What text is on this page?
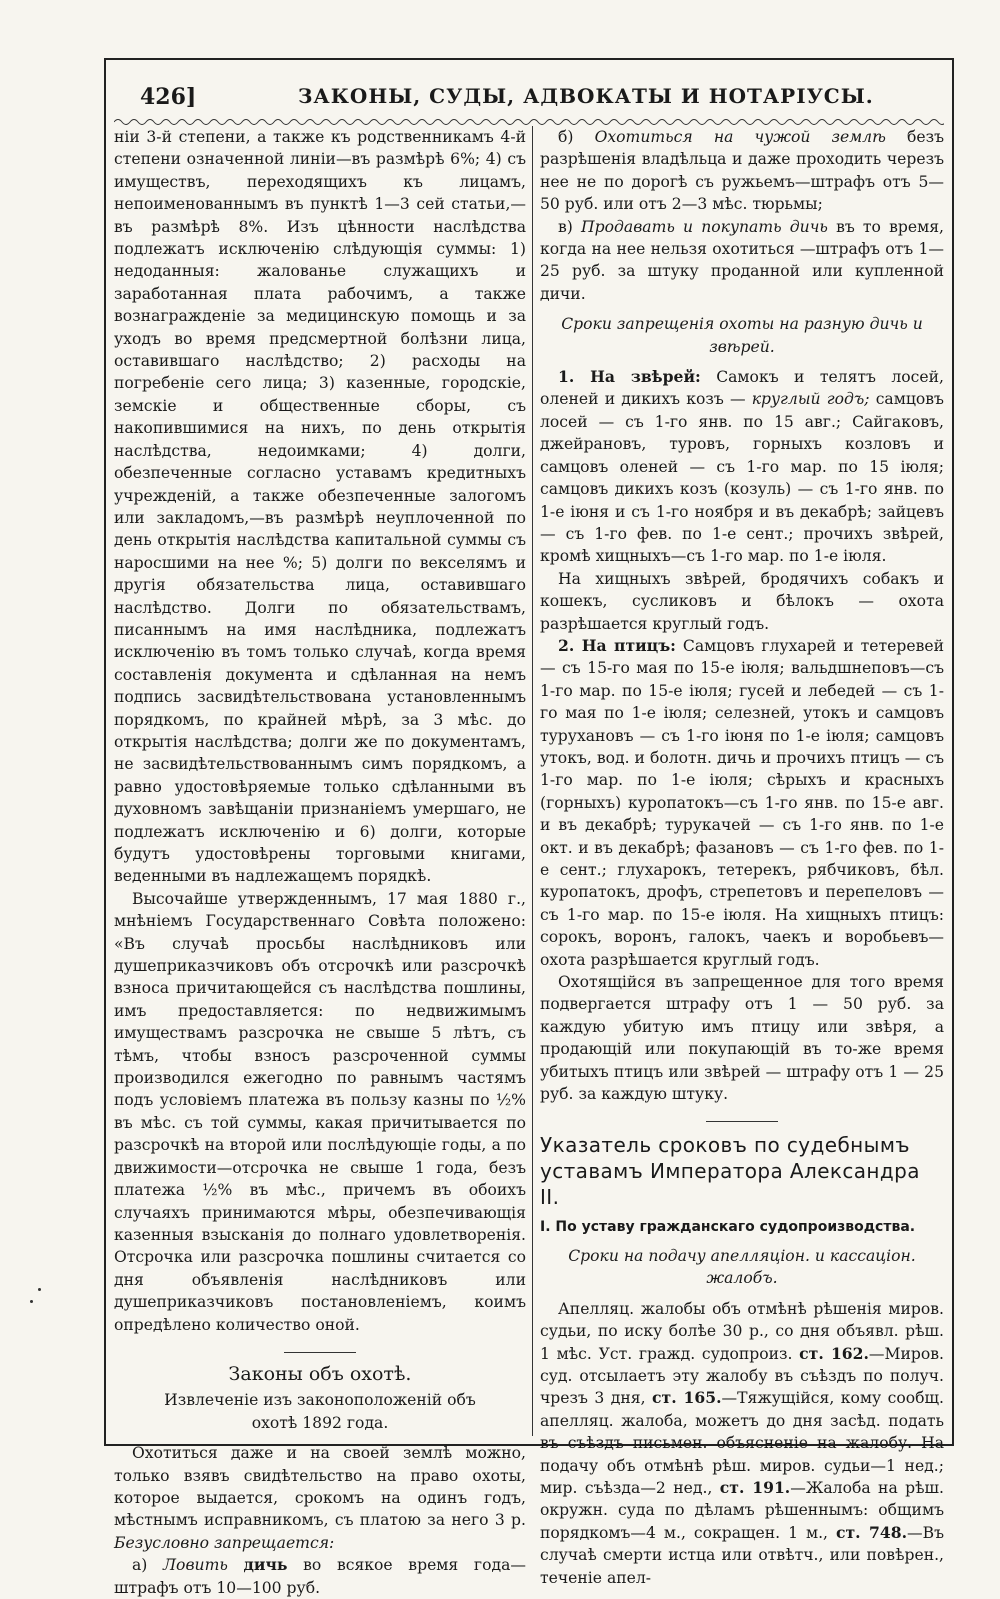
426]	ЗАКОНЫ, СУДЫ, АДВОКАТЫ И НОТАРІУСЫ.

ніи 3-й степени, а также къ родственникамъ 4-й степени означенной линіи—въ размѣрѣ 6%; 4) съ имуществъ, переходящихъ къ лицамъ, непоименованнымъ въ пунктѣ 1—3 сей статьи,—въ размѣрѣ 8%. Изъ цѣнности наслѣдства подлежатъ исключенію слѣдующія суммы: 1) недоданныя: жалованье служащихъ и заработанная плата рабочимъ, а также вознагражденіе за медицинскую помощь и за уходъ во время предсмертной болѣзни лица, оставившаго наслѣдство; 2) расходы на погребеніе сего лица; 3) казенные, городскіе, земскіе и общественные сборы, съ накопившимися на нихъ, по день открытія наслѣдства, недоимками; 4) долги, обезпеченные согласно уставамъ кредитныхъ учрежденій, а также обезпеченные залогомъ или закладомъ,—въ размѣрѣ неуплоченной по день открытія наслѣдства капитальной суммы съ наросшими на нее %; 5) долги по векселямъ и другія обязательства лица, оставившаго наслѣдство. Долги по обязательствамъ, писаннымъ на имя наслѣдника, подлежатъ исключенію въ томъ только случаѣ, когда время составленія документа и сдѣланная на немъ подпись засвидѣтельствована установленнымъ порядкомъ, по крайней мѣрѣ, за 3 мѣс. до открытія наслѣдства; долги же по документамъ, не засвидѣтельствованнымъ симъ порядкомъ, а равно удостовѣряемые только сдѣланными въ духовномъ завѣщаніи признаніемъ умершаго, не подлежатъ исключенію и 6) долги, которые будутъ удостовѣрены торговыми книгами, веденными въ надлежащемъ порядкѣ.

Высочайше утвержденнымъ, 17 мая 1880 г., мнѣніемъ Государственнаго Совѣта положено: «Въ случаѣ просьбы наслѣдниковъ или душеприказчиковъ объ отсрочкѣ или разсрочкѣ взноса причитающейся съ наслѣдства пошлины, имъ предоставляется: по недвижимымъ имуществамъ разсрочка не свыше 5 лѣтъ, съ тѣмъ, чтобы взносъ разсроченной суммы производился ежегодно по равнымъ частямъ подъ условіемъ платежа въ пользу казны по ½% въ мѣс. съ той суммы, какая причитывается по разсрочкѣ на второй или послѣдующіе годы, а по движимости—отсрочка не свыше 1 года, безъ платежа ½% въ мѣс., причемъ въ обоихъ случаяхъ принимаются мѣры, обезпечивающія казенныя взысканія до полнаго удовлетворенія. Отсрочка или разсрочка пошлины считается со дня объявленія наслѣдниковъ или душеприказчиковъ постановленіемъ, коимъ опредѣлено количество оной.

Законы объ охотѣ.

Извлеченіе изъ законоположеній объ охотѣ 1892 года.

Охотиться даже и на своей землѣ можно, только взявъ свидѣтельство на право охоты, которое выдается, срокомъ на одинъ годъ, мѣстнымъ исправникомъ, съ платою за него 3 р. Безусловно запрещается:

а) Ловить дичь во всякое время года—штрафъ отъ 10—100 руб.

б) Охотиться на чужой землѣ безъ разрѣшенія владѣльца и даже проходить черезъ нее не по дорогѣ съ ружьемъ—штрафъ отъ 5—50 руб. или отъ 2—3 мѣс. тюрьмы;

в) Продавать и покупать дичь въ то время, когда на нее нельзя охотиться —штрафъ отъ 1—25 руб. за штуку проданной или купленной дичи.

Сроки запрещенія охоты на разную дичь и звѣрей.

1. На звѣрей: Самокъ и телятъ лосей, оленей и дикихъ козъ — круглый годъ; самцовъ лосей — съ 1-го янв. по 15 авг.; Сайгаковъ, джейрановъ, туровъ, горныхъ козловъ и самцовъ оленей — съ 1-го мар. по 15 іюля; самцовъ дикихъ козъ (козуль) — съ 1-го янв. по 1-е іюня и съ 1-го ноября и въ декабрѣ; зайцевъ — съ 1-го фев. по 1-е сент.; прочихъ звѣрей, кромѣ хищныхъ—съ 1-го мар. по 1-е іюля.

На хищныхъ звѣрей, бродячихъ собакъ и кошекъ, сусликовъ и бѣлокъ — охота разрѣшается круглый годъ.

2. На птицъ: Самцовъ глухарей и тетеревей — съ 15-го мая по 15-е іюля; вальдшнеповъ—съ 1-го мар. по 15-е іюля; гусей и лебедей — съ 1-го мая по 1-е іюля; селезней, утокъ и самцовъ турухановъ — съ 1-го іюня по 1-е іюля; самцовъ утокъ, вод. и болотн. дичь и прочихъ птицъ — съ 1-го мар. по 1-е іюля; сѣрыхъ и красныхъ (горныхъ) куропатокъ—съ 1-го янв. по 15-е авг. и въ декабрѣ; турукачей — съ 1-го янв. по 1-е окт. и въ декабрѣ; фазановъ — съ 1-го фев. по 1-е сент.; глухарокъ, тетерекъ, рябчиковъ, бѣл. куропатокъ, дрофъ, стрепетовъ и перепеловъ — съ 1-го мар. по 15-е іюля. На хищныхъ птицъ: сорокъ, воронъ, галокъ, чаекъ и воробьевъ—охота разрѣшается круглый годъ.

Охотящійся въ запрещенное для того время подвергается штрафу отъ 1 — 50 руб. за каждую убитую имъ птицу или звѣря, а продающій или покупающій въ то-же время убитыхъ птицъ или звѣрей — штрафу отъ 1 — 25 руб. за каждую штуку.

Указатель сроковъ по судебнымъ уставамъ Императора Александра II.
I. По уставу гражданскаго судопроизводства.

Сроки на подачу апелляціон. и кассаціон. жалобъ.

Апелляц. жалобы объ отмѣнѣ рѣшенія миров. судьи, по иску болѣе 30 р., со дня объявл. рѣш. 1 мѣс. Уст. гражд. судопроиз. ст. 162.—Миров. суд. отсылаетъ эту жалобу въ съѣздъ по получ. чрезъ 3 дня, ст. 165.—Тяжущійся, кому сообщ. апелляц. жалоба, можетъ до дня засѣд. подать въ съѣздъ письмен. объясненіе на жалобу. На подачу объ отмѣнѣ рѣш. миров. судьи—1 нед.; мир. съѣзда—2 нед., ст. 191.—Жалоба на рѣш. окружн. суда по дѣламъ рѣшеннымъ: общимъ порядкомъ—4 м., сокращен. 1 м., ст. 748.—Въ случаѣ смерти истца или отвѣтч., или повѣрен., теченіе апел-
